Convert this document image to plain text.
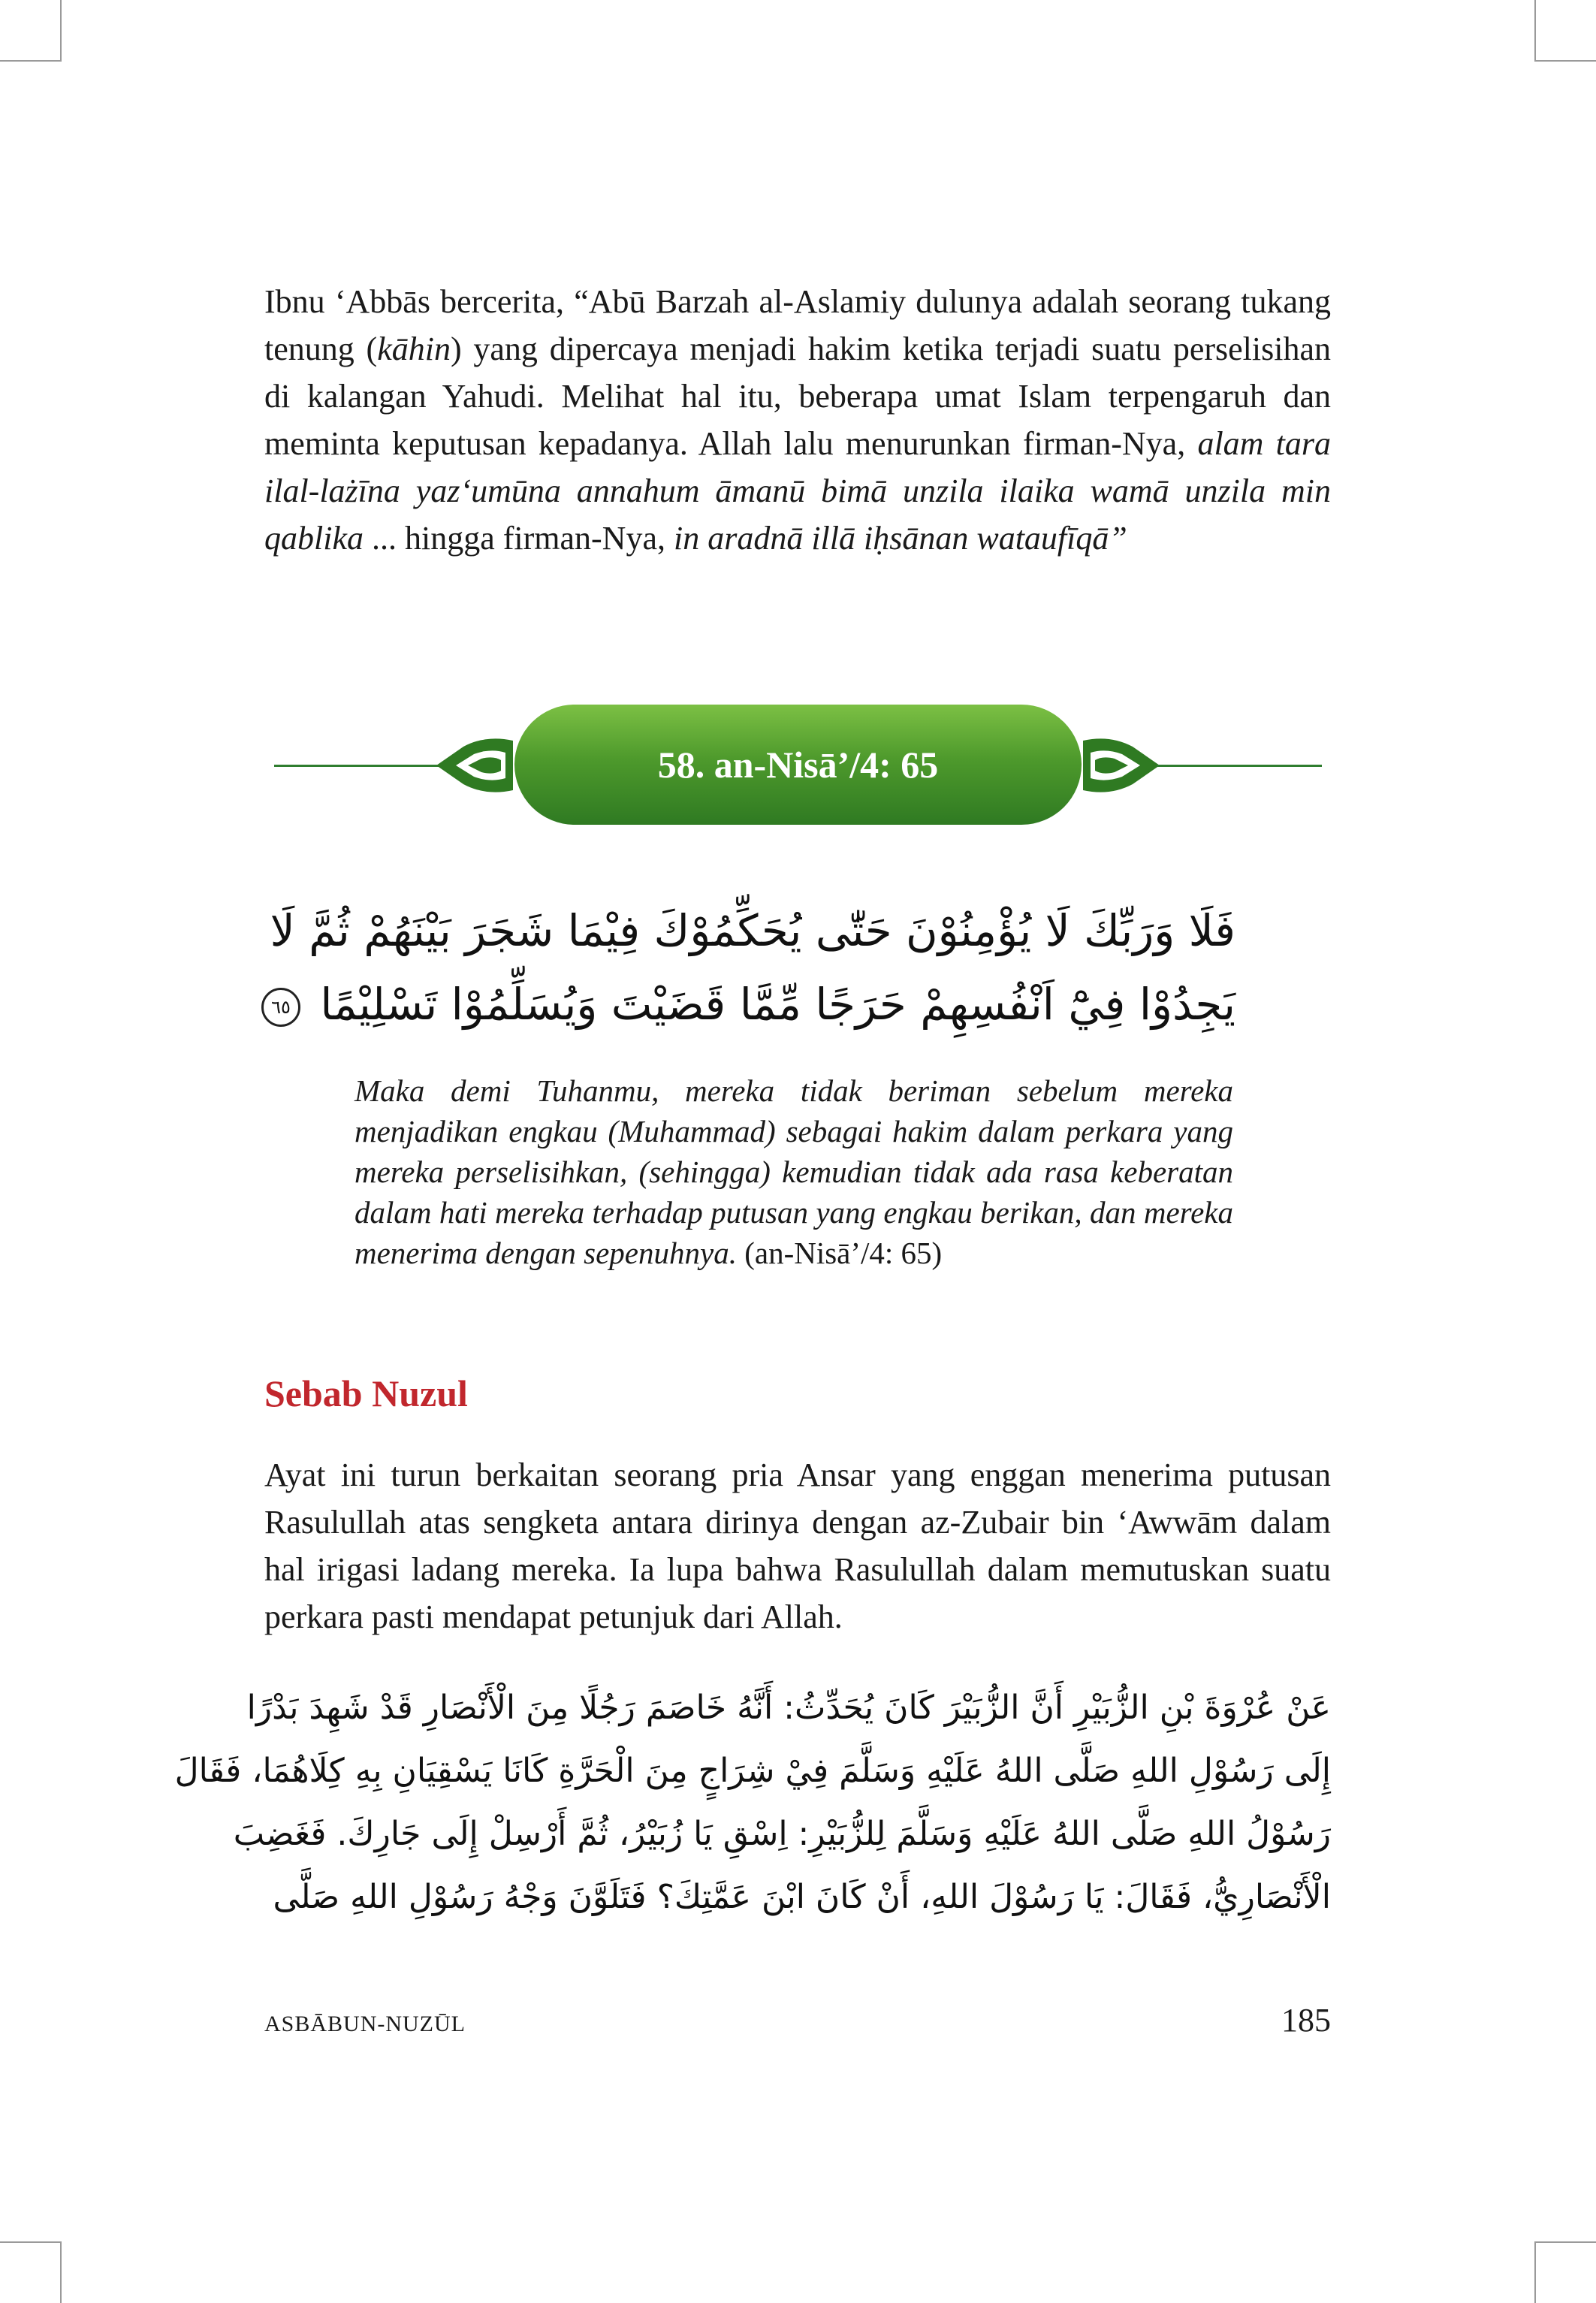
Ibnu ‘Abbās bercerita, “Abū Barzah al-Aslamiy dulunya adalah seorang tukang tenung (kāhin) yang dipercaya menjadi hakim ketika terjadi suatu perselisihan di kalangan Yahudi. Melihat hal itu, beberapa umat Islam terpengaruh dan meminta keputusan kepadanya. Allah lalu menurunkan firman-Nya, alam tara ilal-lażīna yaz‘umūna annahum āmanū bimā unzila ilaika wamā unzila min qablika ... hingga firman-Nya, in aradnā illā iḥsānan wataufīqā”

58. an-Nisā’/4: 65
فَلَا وَرَبِّكَ لَا يُؤْمِنُوْنَ حَتّٰى يُحَكِّمُوْكَ فِيْمَا شَجَرَ بَيْنَهُمْ ثُمَّ لَا
يَجِدُوْا فِيْٓ اَنْفُسِهِمْ حَرَجًا مِّمَّا قَضَيْتَ وَيُسَلِّمُوْا تَسْلِيْمًا ٦٥

Maka demi Tuhanmu, mereka tidak beriman sebelum mereka menjadikan engkau (Muhammad) sebagai hakim dalam perkara yang mereka perselisihkan, (sehingga) kemudian tidak ada rasa keberatan dalam hati mereka terhadap putusan yang engkau berikan, dan mereka menerima dengan sepenuhnya. (an-Nisā’/4: 65)

Sebab Nuzul

Ayat ini turun berkaitan seorang pria Ansar yang enggan menerima putusan Rasulullah atas sengketa antara dirinya dengan az-Zubair bin ‘Awwām dalam hal irigasi ladang mereka. Ia lupa bahwa Rasulullah dalam memutuskan suatu perkara pasti mendapat petunjuk dari Allah.

عَنْ عُرْوَةَ بْنِ الزُّبَيْرِ أَنَّ الزُّبَيْرَ كَانَ يُحَدِّثُ: أَنَّهُ خَاصَمَ رَجُلًا مِنَ الْأَنْصَارِ قَدْ شَهِدَ بَدْرًا
إِلَى رَسُوْلِ اللهِ صَلَّى اللهُ عَلَيْهِ وَسَلَّمَ فِيْ شِرَاجٍ مِنَ الْحَرَّةِ كَانَا يَسْقِيَانِ بِهِ كِلَاهُمَا، فَقَالَ
رَسُوْلُ اللهِ صَلَّى اللهُ عَلَيْهِ وَسَلَّمَ لِلزُّبَيْرِ: اِسْقِ يَا زُبَيْرُ، ثُمَّ أَرْسِلْ إِلَى جَارِكَ. فَغَضِبَ
الْأَنْصَارِيُّ، فَقَالَ: يَا رَسُوْلَ اللهِ، أَنْ كَانَ ابْنَ عَمَّتِكَ؟ فَتَلَوَّنَ وَجْهُ رَسُوْلِ اللهِ صَلَّى
ASBĀBUN-NUZŪL	185
